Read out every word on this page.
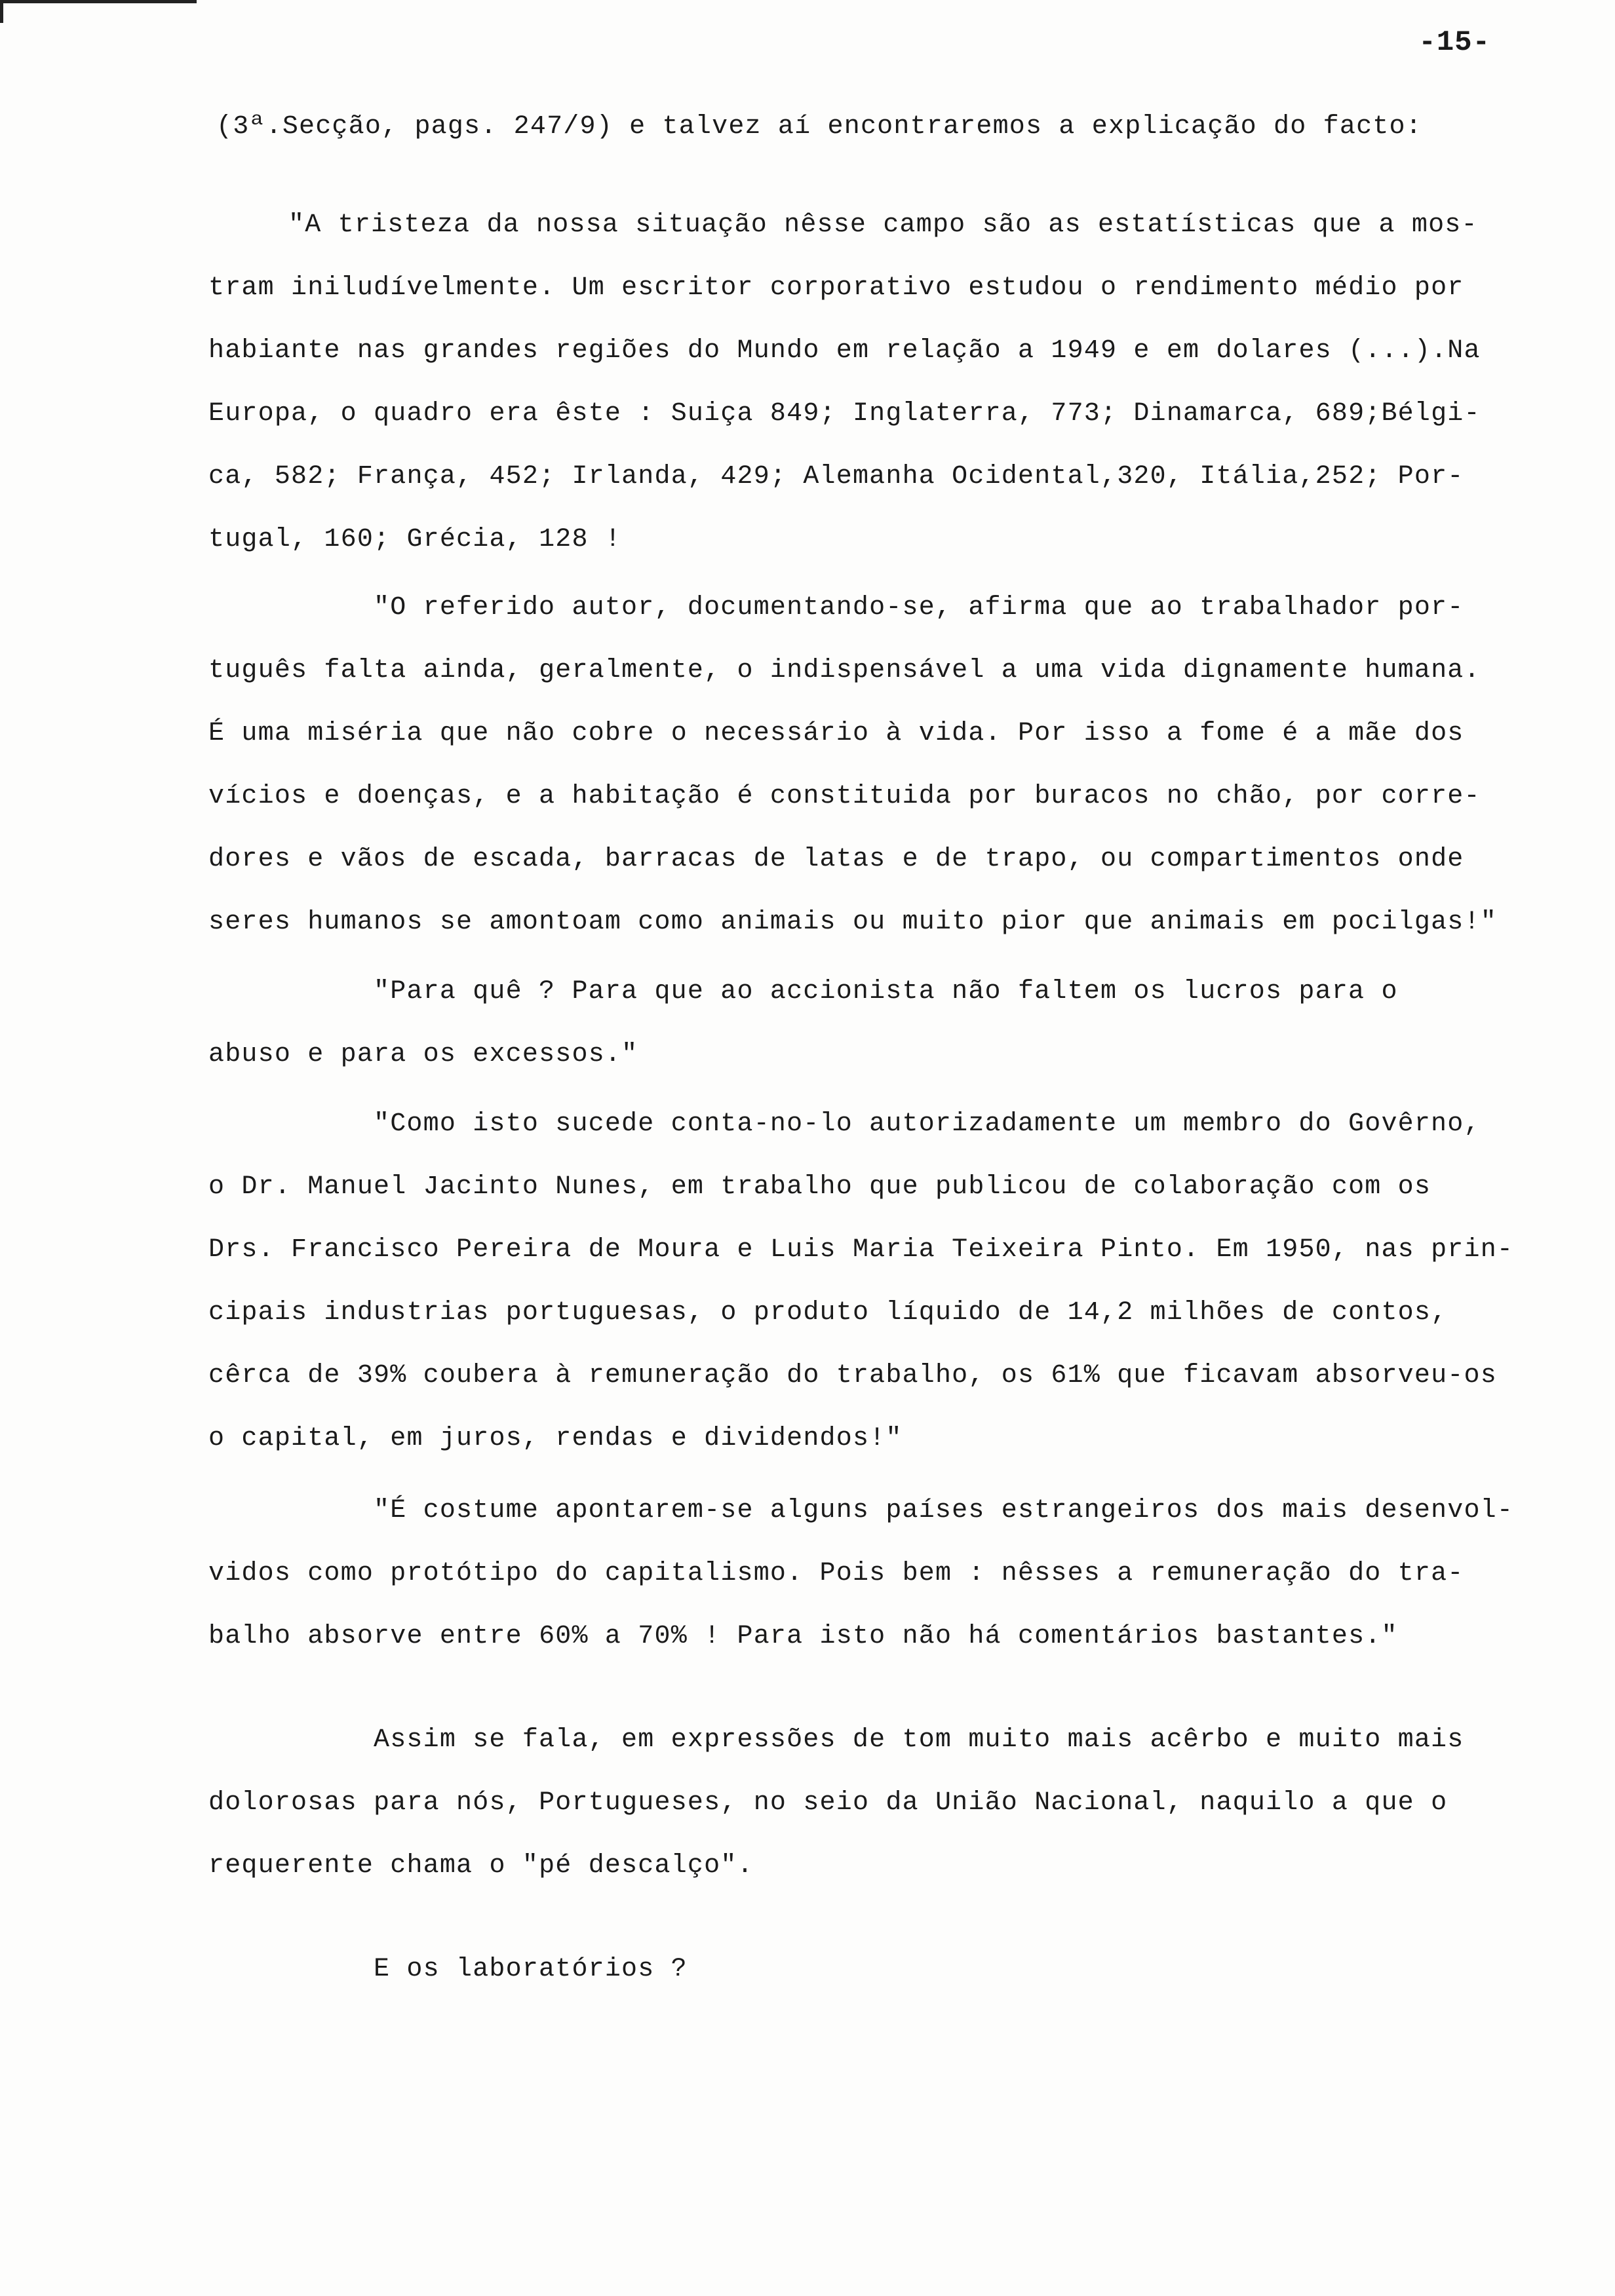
-15-
(3ª.Secção, pags. 247/9) e talvez aí encontraremos a explicação do facto:
"A tristeza da nossa situação nêsse campo são as estatísticas que a mos-
tram iniludívelmente. Um escritor corporativo estudou o rendimento médio por
habiante nas grandes regiões do Mundo em relação a 1949 e em dolares (...).Na
Europa, o quadro era êste : Suiça 849; Inglaterra, 773; Dinamarca, 689;Bélgi-
ca, 582; França, 452; Irlanda, 429; Alemanha Ocidental,320, Itália,252; Por-
tugal, 160; Grécia, 128 !
"O referido autor, documentando-se, afirma que ao trabalhador por-
tuguês falta ainda, geralmente, o indispensável a uma vida dignamente humana.
É uma miséria que não cobre o necessário à vida. Por isso a fome é a mãe dos
vícios e doenças, e a habitação é constituida por buracos no chão, por corre-
dores e vãos de escada, barracas de latas e de trapo, ou compartimentos onde
seres humanos se amontoam como animais ou muito pior que animais em pocilgas!"
"Para quê ? Para que ao accionista não faltem os lucros para o
abuso e para os excessos."
"Como isto sucede conta-no-lo autorizadamente um membro do Govêrno,
o Dr. Manuel Jacinto Nunes, em trabalho que publicou de colaboração com os
Drs. Francisco Pereira de Moura e Luis Maria Teixeira Pinto. Em 1950, nas prin-
cipais industrias portuguesas, o produto líquido de 14,2 milhões de contos,
cêrca de 39% coubera à remuneração do trabalho, os 61% que ficavam absorveu-os
o capital, em juros, rendas e dividendos!"
"É costume apontarem-se alguns países estrangeiros dos mais desenvol-
vidos como protótipo do capitalismo. Pois bem : nêsses a remuneração do tra-
balho absorve entre 60% a 70% ! Para isto não há comentários bastantes."
Assim se fala, em expressões de tom muito mais acêrbo e muito mais
dolorosas para nós, Portugueses, no seio da União Nacional, naquilo a que o
requerente chama o "pé descalço".
E os laboratórios ?
